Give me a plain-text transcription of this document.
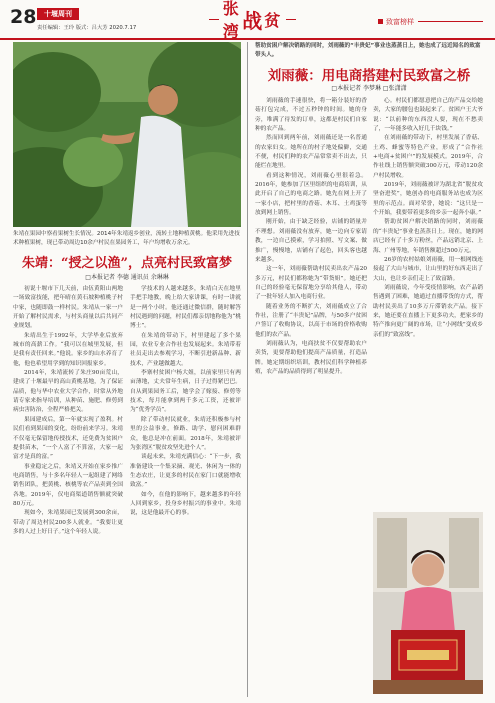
28	十堰周刊
责任编辑：王玲 版式：吕大芳 2020.7.17
张湾 战 贫	致富榜样
朱靖在果园中察看果树生长情况。2014年朱靖返乡创业，流转土地种植黄桃。他采用先进技术种植果树，现已带动周边10余户村民在果园务工，年户均增收万余元。
朱靖：“授之以渔”，点亮村民致富梦
□本报记者 李德 通讯员 余琳琳

初说十堰市下几天前，由伍黄阳山两地一场致富技能，把年晴在黄石坡种植桃子村中家，也随即鼓一样村民。朱靖从一家一户开始了解村民需求，与村头商量以后共同产业规划。

朱靖出生于1992年，大学毕业后放弃城市的高薪工作。“我可以在城里发展，但是我有责任回来。”他说。家乡的山水养育了他，他也希望用学到的知识回报家乡。

2014年，朱靖流转了朱庄90亩荒山，建成了十堰最早的高山黄桃基地，为了保证品质，他与华中农业大学合作，时常从外地请专家来指导培训，从种苗、施肥、修剪到病虫害防治，全程严格把关。

果园建成后，第一年就实现了盈利。村民们看到果园的变化，纷纷前来学习。朱靖不仅毫无保留地传授技术，还免费为贫困户提供苗木，“一个人富了不算富，大家一起富才是真的富。”

事业稳定之后，朱靖又开始在家乡推广电商销售，与十多名年轻人一起组建了网络销售团队，把黄桃、核桃等农产品卖到全国各地。2019年，仅电商渠道销售额就突破80万元。

现如今，朱靖果园已发展到300余亩，带动了周边村民200多人就业。“我要让更多的人过上好日子。”这个年轻人说。

学技术的人越来越多，朱靖白天在地里手把手地教，晚上给大家讲课，有时一讲就是一两个小时。他还通过微信群，随时解答村民遇到的问题，村民们都亲切地称他为“桃博士”。

在朱靖的带动下，村里建起了多个果园，农业专业合作社也发展起来。朱靖带着社员走出去参观学习，不断引进新品种、新技术，产业越做越大。

李寨村贫困户杨大姐，以前家里只有两亩薄地，丈夫常年生病，日子过得紧巴巴。自从到果园务工后，她学会了嫁接、修剪等技术，每月能拿到两千多元工资，还被评为“优秀学员”。

除了带动村民就业，朱靖还积极参与村里的公益事业，修路、助学、慰问困难群众，他总是冲在前面。2018年，朱靖被评为张湾区“脱贫攻坚先进个人”。

谈起未来，朱靖充满信心：“下一步，我准备建设一个集采摘、观光、休闲为一体的生态农庄，让更多的村民在家门口就能增收致富。”

如今，在他的影响下，越来越多的年轻人回到家乡，投身乡村振兴的事业中。朱靖说，这是他最开心的事。

帮助贫困户解决销路的同时，刘雨薇的“丰贵妃”事业也蒸蒸日上，她也成了远近闻名的致富带头人。
刘雨薇：用电商搭建村民致富之桥
□本报记者 李梦琳 □张潇潇

刘雨薇的手速很快，将一箱分装好的香菇打包完成，不过五秒钟的时间。她的身旁，堆满了待发的订单，这都是村民们自家种的农产品。

然而回到两年前，刘雨薇还是一名普通的农家妇女。她所在的村子地处偏僻，交通不便，村民们种的农产品常常卖不出去，只能烂在地里。

看到这种情况，刘雨薇心里很着急。2016年，她参加了区里组织的电商培训，从此开启了自己的电商之路。她先在网上开了一家小店，把村里的香菇、木耳、土鸡蛋等放到网上销售。

刚开始，由于缺乏经验，店铺的销量并不理想。刘雨薇没有放弃，她一边向专家请教，一边自己摸索，学习拍照、写文案、做推广，慢慢地，店铺有了起色，回头客也越来越多。

这一年，刘雨薇帮助村民卖出农产品20多万元，村民们都称她为“带货姐”。她还把自己的经验毫无保留地分享给其他人，带动了一批年轻人加入电商行业。

随着业务的不断扩大，刘雨薇成立了合作社，注册了“丰贵妃”品牌，与50多户贫困户签订了收购协议，以高于市场的价格收购他们的农产品。

刘雨薇认为，电商扶贫不仅要帮助农户卖货，更要帮助他们提高产品质量，打造品牌。她定期组织培训，教村民们科学种植养殖，农产品的品质得到了明显提升。

心。村民们都愿意把自己的产品交给她卖，大家的腰包也鼓起来了。贫困户王大爷说：“以前种的东西没人要，现在不愁卖了，一年能多收入好几千块钱。”

在刘雨薇的带动下，村里发展了香菇、土鸡、蜂蜜等特色产业，形成了“合作社+电商+贫困户”的发展模式。2019年，合作社线上销售额突破300万元，带动120余户村民增收。

2019年，刘雨薇被评为湖北省“脱贫攻坚奋进奖”，她创办的电商服务站也成为区里的示范点。面对荣誉，她说：“这只是一个开始，我要带着更多的乡亲一起奔小康。”

帮助贫困户解决销路的同时，刘雨薇的“丰贵妃”事业也蒸蒸日上。现在，她的网店已经有了十多万粉丝，产品远销北京、上海、广州等地，年销售额超过500万元。

26岁的农村姑娘刘雨薇，用一根网线连接起了大山与城市，让山里的好东西走出了大山，也让乡亲们走上了致富路。

刘雨薇说，今年受疫情影响，农产品销售遇到了困难，她通过直播带货的方式，帮助村民卖出了10多万斤滞销农产品。接下来，她还要在直播上下更多功夫，把家乡的特产推向更广阔的市场，让“小网线”变成乡亲们的“致富线”。
